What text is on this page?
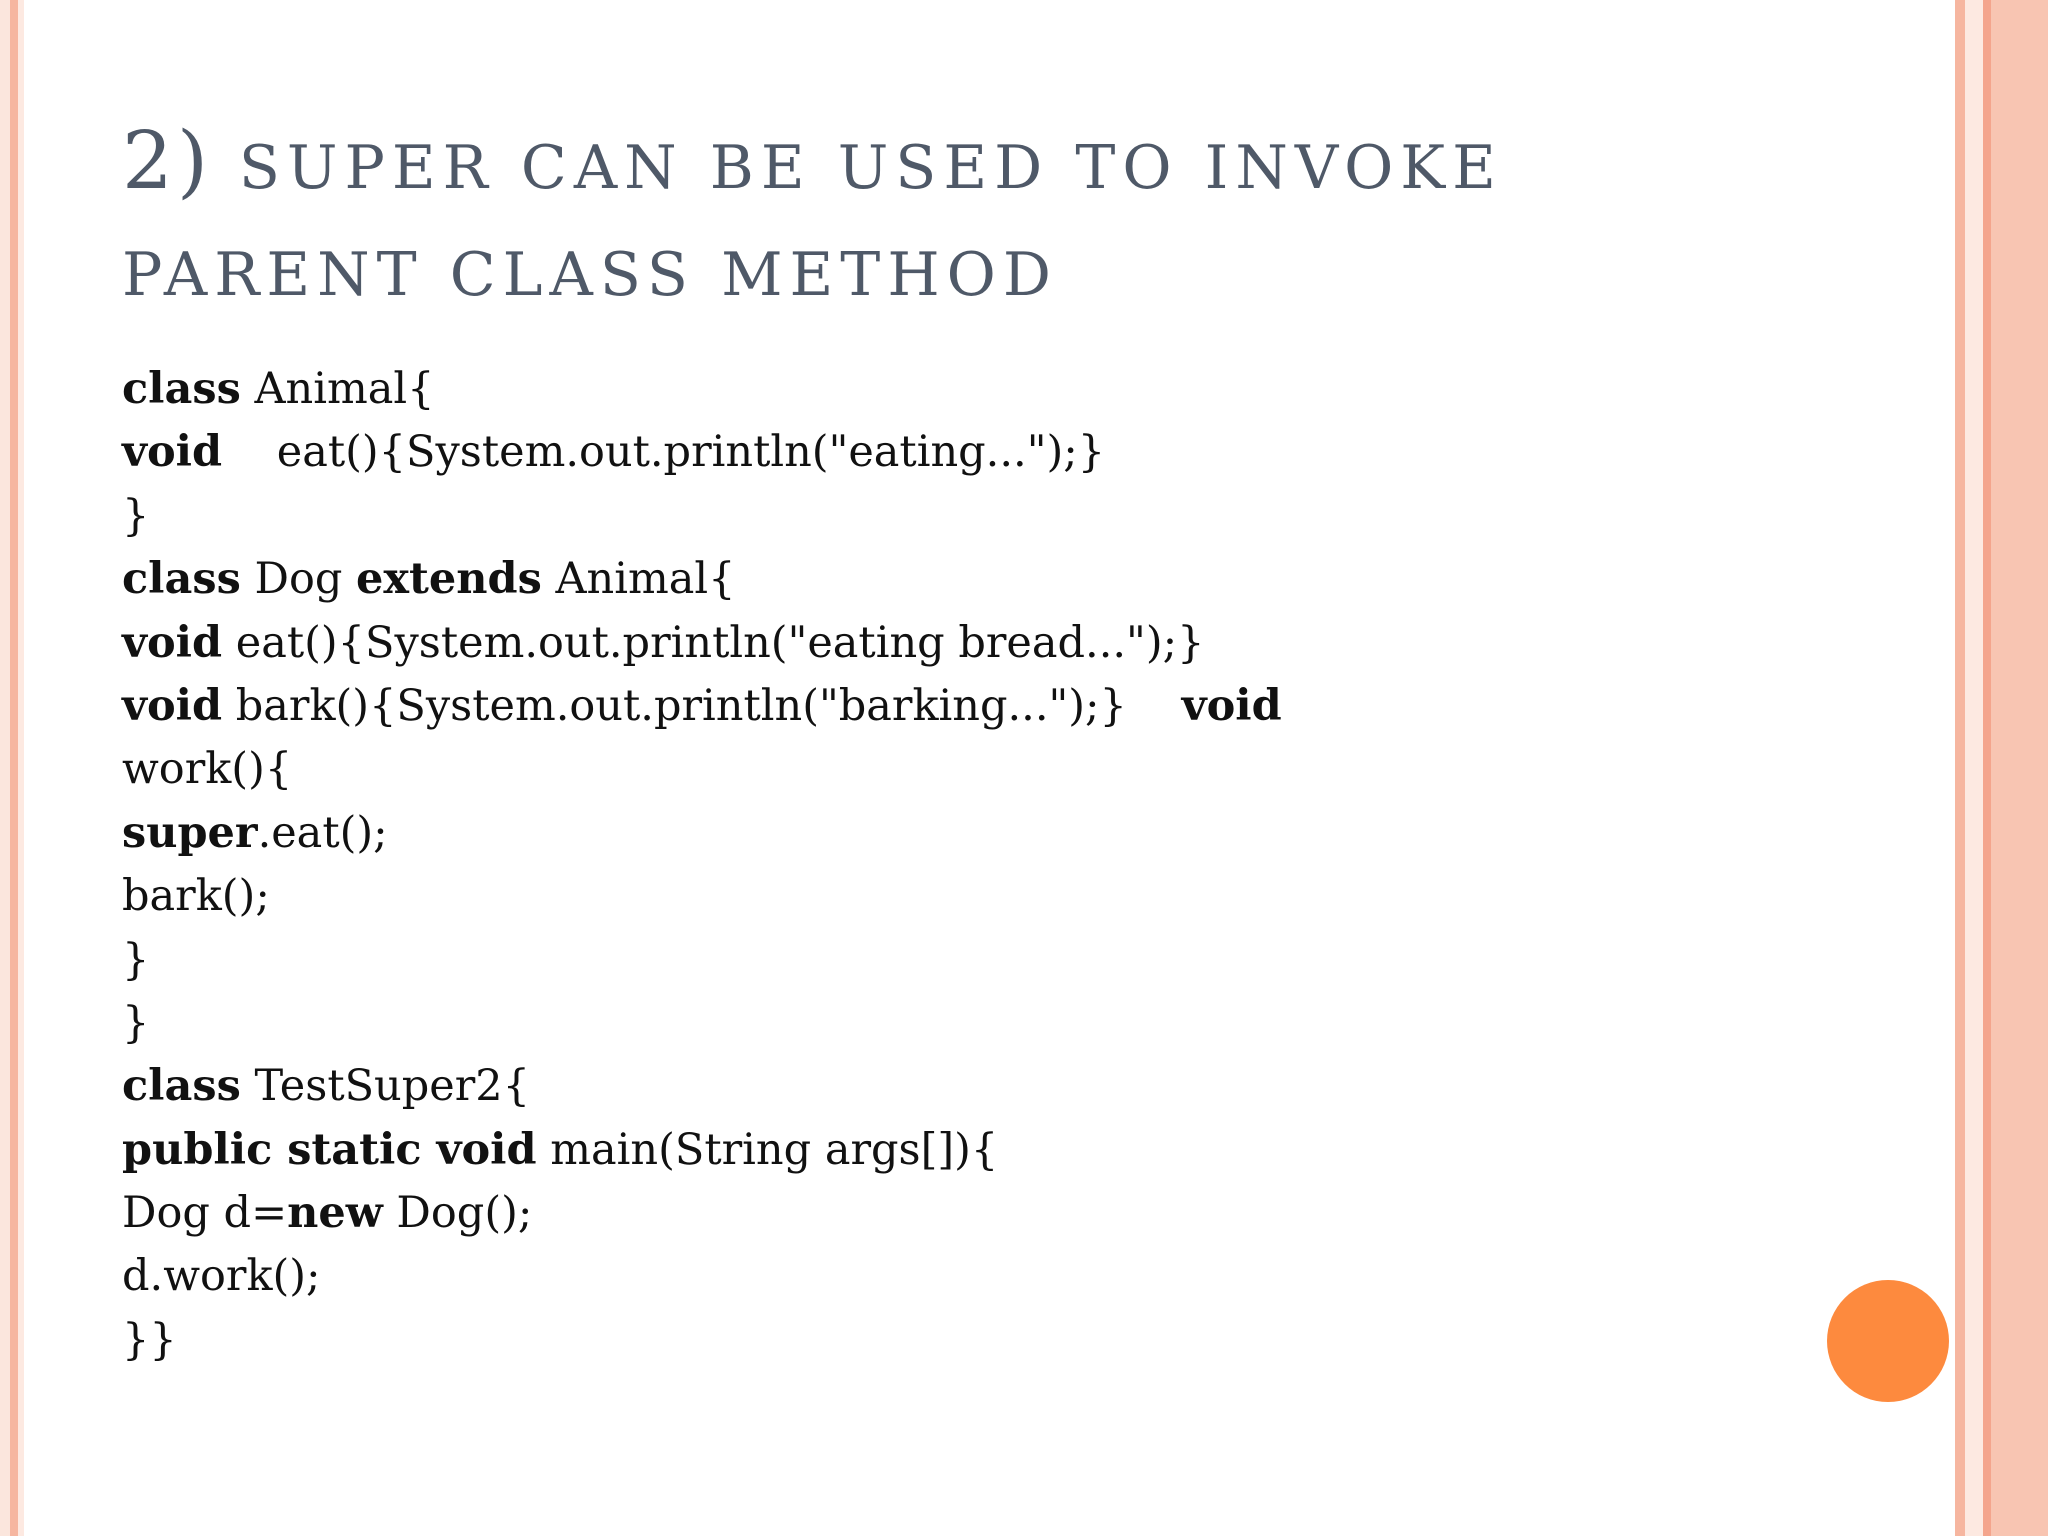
2) SUPER CAN BE USED TO INVOKE PARENT CLASS METHOD
class Animal{
void    eat(){System.out.println("eating...");}
}
class Dog extends Animal{
void eat(){System.out.println("eating bread...");}
void bark(){System.out.println("barking...");}    void
work(){
super.eat();
bark();
}
}
class TestSuper2{
public static void main(String args[]){
Dog d=new Dog();
d.work();
}}
